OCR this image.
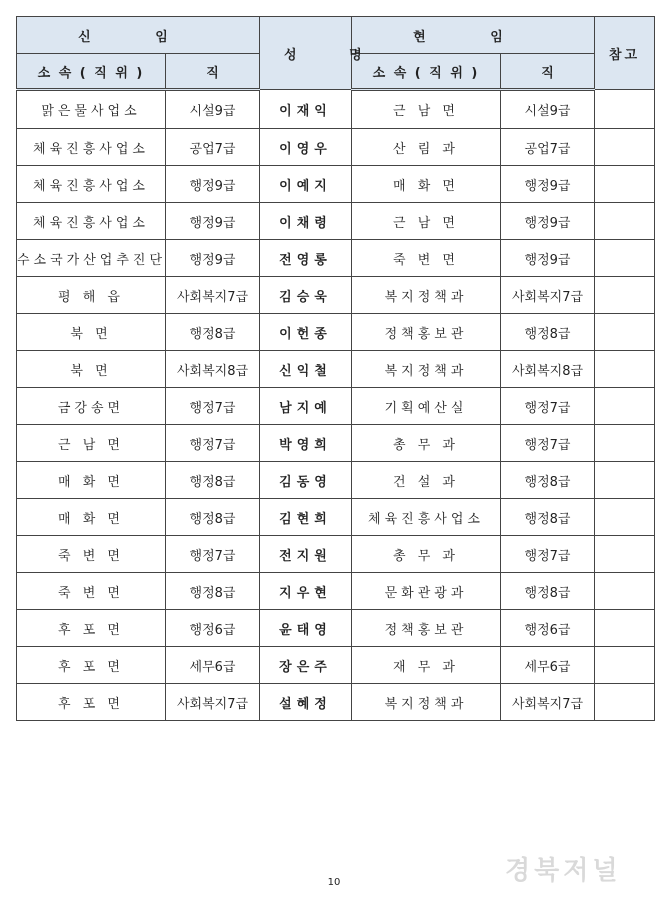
신 임		성 명	현 임		참고
소 속 ( 직 위 )	직		소 속 ( 직 위 )	직	
맑은물사업소	시설9급	이재익	근 남 면	시설9급	
체육진흥사업소	공업7급	이영우	산 림 과	공업7급	
체육진흥사업소	행정9급	이예지	매 화 면	행정9급	
체육진흥사업소	행정9급	이채령	근 남 면	행정9급	
수소국가산업추진단	행정9급	전영롱	죽 변 면	행정9급	
평 해 읍	사회복지7급	김승욱	복지정책과	사회복지7급	
북 면	행정8급	이헌종	정책홍보관	행정8급	
북 면	사회복지8급	신익철	복지정책과	사회복지8급	
금강송면	행정7급	남지예	기획예산실	행정7급	
근 남 면	행정7급	박영희	총 무 과	행정7급	
매 화 면	행정8급	김동영	건 설 과	행정8급	
매 화 면	행정8급	김현희	체육진흥사업소	행정8급	
죽 변 면	행정7급	전지원	총 무 과	행정7급	
죽 변 면	행정8급	지우현	문화관광과	행정8급	
후 포 면	행정6급	윤태영	정책홍보관	행정6급	
후 포 면	세무6급	장은주	재 무 과	세무6급	
후 포 면	사회복지7급	설혜정	복지정책과	사회복지7급	
10	경북저널
